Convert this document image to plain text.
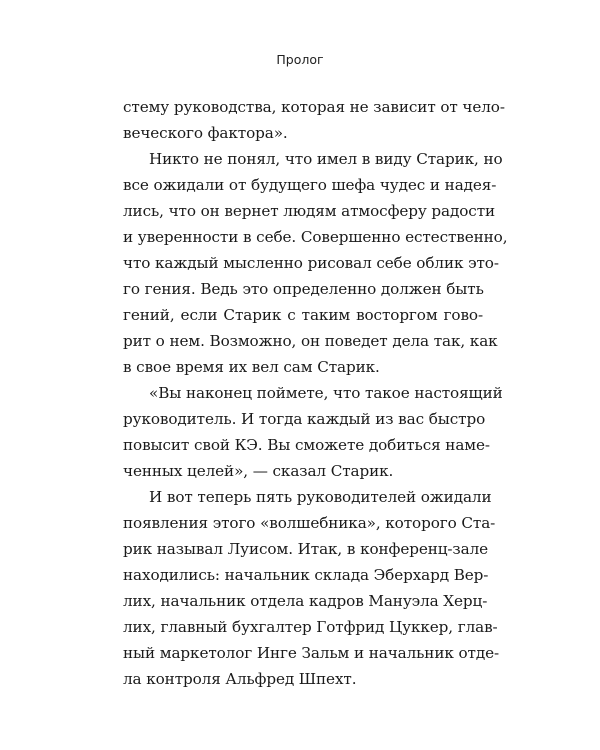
Пролог
стему руководства, которая не зависит от чело-
веческого фактора».
Никто не понял, что имел в виду Старик, но
все ожидали от будущего шефа чудес и надея-
лись, что он вернет людям атмосферу радости
и уверенности в себе. Совершенно естественно,
что каждый мысленно рисовал себе облик это-
го гения. Ведь это определенно должен быть
гений, если Старик с таким восторгом гово-
рит о нем. Возможно, он поведет дела так, как
в свое время их вел сам Старик.
«Вы наконец поймете, что такое настоящий
руководитель. И тогда каждый из вас быстро
повысит свой КЭ. Вы сможете добиться наме-
ченных целей», — сказал Старик.
И вот теперь пять руководителей ожидали
появления этого «волшебника», которого Ста-
рик называл Луисом. Итак, в конференц-зале
находились: начальник склада Эберхард Вер-
лих, начальник отдела кадров Мануэла Херц-
лих, главный бухгалтер Готфрид Цуккер, глав-
ный маркетолог Инге Зальм и начальник отде-
ла контроля Альфред Шпехт.
